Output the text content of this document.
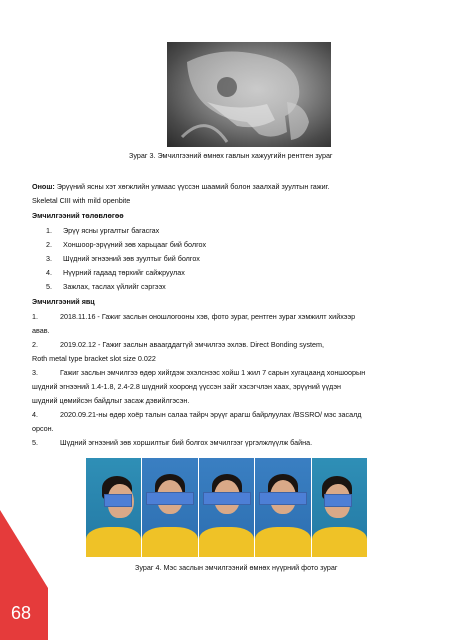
Зураг 3. Эмчилгээний өмнөх гавлын хажуугийн рентген зураг
Онош: Эрүүний ясны хэт хөгжлийн улмаас үүссэн шаамий болон заалхай зуултын гажиг.
Skeletal CIII with mild openbite
Эмчилгээний төлөвлөгөө
1. Эрүү ясны ургалтыг багасгах
2. Хоншоор-эрүүний зөв харьцааг бий болгох
3. Шүдний эгнээний зөв зуултыг бий болгох
4. Нүүрний гадаад төрхийг сайжруулах
5. Зажлах, таслах үйлийг сэргээх
Эмчилгээний явц
1.	2018.11.16 - Гажиг заслын оношлогооны хэв, фото зураг, рентген зураг хэмжилт хийхээр
авав.
2.	2019.02.12 - Гажиг заслын аваагддаггүй эмчилгээ эхлэв. Direct Bonding system,
Roth metal type bracket slot size 0.022
3.	Гажиг заслын эмчилгээ өдөр хийгдэж эхэлснээс хойш 1 жил 7 сарын хугацаанд хоншоорын
шүдний эгнээний 1.4-1.8, 2.4-2.8 шүдний хооронд үүссэн зайг хэсэгчлэн хаах, эрүүний үүдэн
шүдний цөмийсэн байдлыг засаж дэвийлгэсэн.
4.	2020.09.21-ны өдөр хоёр талын салаа тайрч эрүүг арагш байрлуулах /BSSRO/ мэс засалд
орсон.
5.	Шүдний эгнээний зөв хоршилтыг бий болгох эмчилгээг үргэлжлүүлж байна.
Зураг 4. Мэс заслын эмчилгээний өмнөх нүүрний фото зураг
68
